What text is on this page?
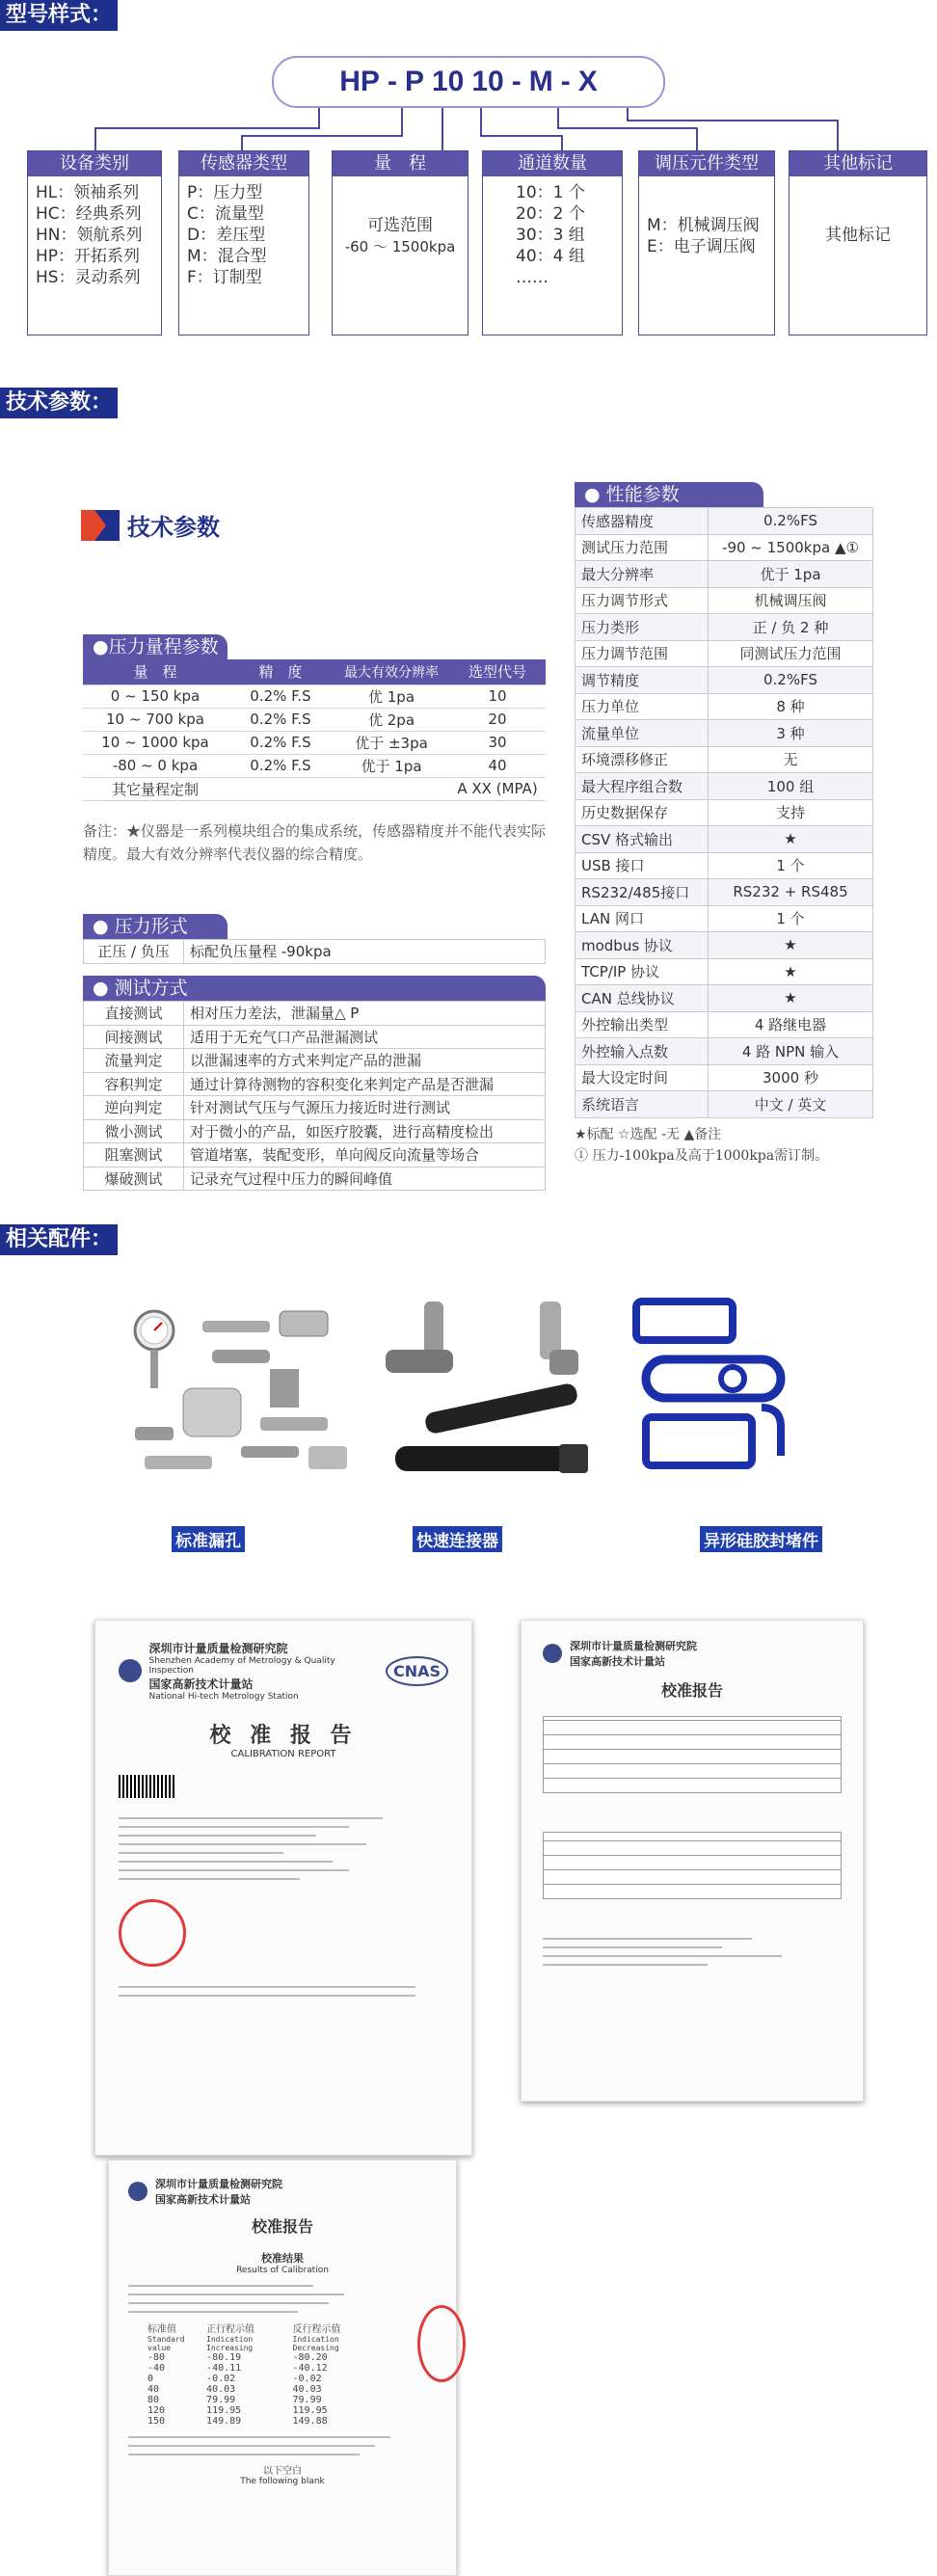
型号样式：
HP - P 10 10 - M - X
设备类别
HL：领袖系列
HC：经典系列
HN：领航系列
HP：开拓系列
HS：灵动系列
传感器类型
P：压力型
C：流量型
D：差压型
M：混合型
F：订制型
量　程
可选范围
-60 ～ 1500kpa
通道数量
10：1 个
20：2 个
30：3 组
40：4 组
……
调压元件类型
M：机械调压阀
E：电子调压阀
其他标记
其他标记
技术参数：
技术参数
●压力量程参数
量　程	精　度	最大有效分辨率	选型代号
0 ~ 150 kpa	0.2% F.S	优 1pa	10
10 ~ 700 kpa	0.2% F.S	优 2pa	20
10 ~ 1000 kpa	0.2% F.S	优于 ±3pa	30
-80 ~ 0 kpa	0.2% F.S	优于 1pa	40
其它量程定制			A XX (MPA)
备注：★仪器是一系列模块组合的集成系统，传感器精度并不能代表实际精度。最大有效分辨率代表仪器的综合精度。
● 压力形式
正压 / 负压	标配负压量程 -90kpa
● 测试方式
直接测试	相对压力差法，泄漏量△ P
间接测试	适用于无充气口产品泄漏测试
流量判定	以泄漏速率的方式来判定产品的泄漏
容积判定	通过计算待测物的容积变化来判定产品是否泄漏
逆向判定	针对测试气压与气源压力接近时进行测试
微小测试	对于微小的产品，如医疗胶囊，进行高精度检出
阻塞测试	管道堵塞，装配变形，单向阀反向流量等场合
爆破测试	记录充气过程中压力的瞬间峰值
● 性能参数
传感器精度	0.2%FS
测试压力范围	-90 ~ 1500kpa ▲①
最大分辨率	优于 1pa
压力调节形式	机械调压阀
压力类形	正 / 负 2 种
压力调节范围	同测试压力范围
调节精度	0.2%FS
压力单位	8 种
流量单位	3 种
环境漂移修正	无
最大程序组合数	100 组
历史数据保存	支持
CSV 格式输出	★
USB 接口	1 个
RS232/485接口	RS232 + RS485
LAN 网口	1 个
modbus 协议	★
TCP/IP 协议	★
CAN 总线协议	★
外控输出类型	4 路继电器
外控输入点数	4 路 NPN 输入
最大设定时间	3000 秒
系统语言	中文 / 英文
★标配 ☆选配 -无 ▲备注
① 压力-100kpa及高于1000kpa需订制。
相关配件：
标准漏孔	快速连接器	异形硅胶封堵件
深圳市计量质量检测研究院
Shenzhen Academy of Metrology & Quality Inspection
国家高新技术计量站
National Hi-tech Metrology Station
CNAS
校 准 报 告
CALIBRATION REPORT
深圳市计量质量检测研究院
国家高新技术计量站
校准报告
深圳市计量质量检测研究院
国家高新技术计量站
校准报告
校准结果
Results of Calibration
标准值	正行程示值	反行程示值
Standard value	Indication Increasing	Indication Decreasing
-80	-80.19	-80.20
-40	-40.11	-40.12
0	-0.02	-0.02
40	40.03	40.03
80	79.99	79.99
120	119.95	119.95
150	149.89	149.88
以下空白
The following blank
